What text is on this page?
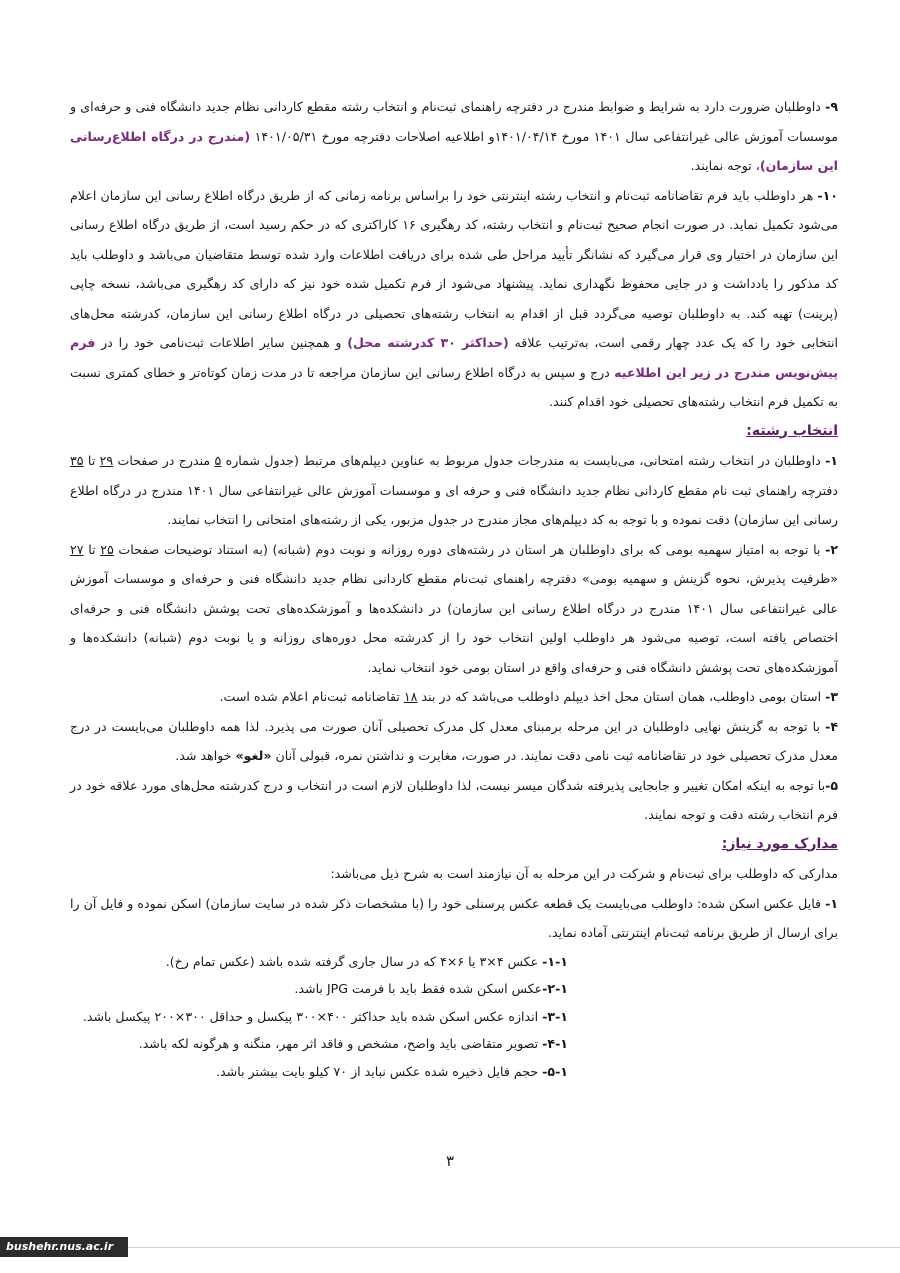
۹- داوطلبان ضرورت دارد به شرایط و ضوابط مندرج در دفترچه راهنمای ثبت‌نام و انتخاب رشته مقطع کاردانی نظام جدید دانشگاه فنی و حرفه‌ای و موسسات آموزش عالی غیرانتفاعی سال ۱۴۰۱ مورخ ۱۴۰۱/۰۴/۱۴و اطلاعیه اصلاحات دفترچه مورخ ۱۴۰۱/۰۵/۳۱ (مندرج در درگاه اطلاع‌رسانی این سازمان)، توجه نمایند.

۱۰- هر داوطلب باید فرم تقاضانامه ثبت‌نام و انتخاب رشته اینترنتی خود را براساس برنامه زمانی که از طریق درگاه اطلاع رسانی این سازمان اعلام می‌شود تکمیل نماید. در صورت انجام صحیح ثبت‌نام و انتخاب رشته، کد رهگیری ۱۶ کاراکتری که در حکم رسید است، از طریق درگاه اطلاع رسانی این سازمان در اختیار وی قرار می‌گیرد که نشانگر تأیید مراحل طی شده برای دریافت اطلاعات وارد شده توسط متقاضیان می‌باشد و داوطلب باید کد مذکور را یادداشت و در جایی محفوظ نگهداری نماید. پیشنهاد می‌شود از فرم تکمیل شده خود نیز که دارای کد رهگیری می‌باشد، نسخه چاپی (پرینت) تهیه کند. به داوطلبان توصیه می‌گردد قبل از اقدام به انتخاب رشته‌های تحصیلی در درگاه اطلاع رسانی این سازمان، کدرشته محل‌های انتخابی خود را که یک عدد چهار رقمی است، به‌ترتیب علاقه (حداکثر ۳۰ کدرشته محل) و همچنین سایر اطلاعات ثبت‌نامی خود را در فرم پیش‌نویس مندرج در زیر این اطلاعیه درج و سپس به درگاه اطلاع رسانی این سازمان مراجعه تا در مدت زمان کوتاه‌تر و خطای کمتری نسبت به تکمیل فرم انتخاب رشته‌های تحصیلی خود اقدام کنند.

انتخاب رشته:

۱- داوطلبان در انتخاب رشته امتحانی، می‌بایست به مندرجات جدول مربوط به عناوین دیپلم‌های مرتبط (جدول شماره ۵ مندرج در صفحات ۲۹ تا ۳۵ دفترچه راهنمای ثبت نام مقطع کاردانی نظام جدید دانشگاه فنی و حرفه ای و موسسات آموزش عالی غیرانتفاعی سال ۱۴۰۱ مندرج در درگاه اطلاع رسانی این سازمان) دقت نموده و با توجه به کد دیپلم‌های مجاز مندرج در جدول مزبور، یکی از رشته‌های امتحانی را انتخاب نمایند.

۲- با توجه به امتیاز سهمیه بومی که برای داوطلبان هر استان در رشته‌های دوره روزانه و نوبت دوم (شبانه) (به استناد توضیحات صفحات ۲۵ تا ۲۷ «ظرفیت پذیرش، نحوه گزینش و سهمیه بومی» دفترچه راهنمای ثبت‌نام مقطع کاردانی نظام جدید دانشگاه فنی و حرفه‌ای و موسسات آموزش عالی غیرانتفاعی سال ۱۴۰۱ مندرج در درگاه اطلاع رسانی این سازمان) در دانشکده‌ها و آموزشکده‌های تحت پوشش دانشگاه فنی و حرفه‌ای اختصاص یافته است، توصیه می‌شود هر داوطلب اولین انتخاب خود را از کدرشته محل دوره‌های روزانه و یا نوبت دوم (شبانه) دانشکده‌ها و آموزشکده‌های تحت پوشش دانشگاه فنی و حرفه‌ای واقع در استان بومی خود انتخاب نماید.

۳- استان بومی داوطلب، همان استان محل اخذ دیپلم داوطلب می‌باشد که در بند ۱۸ تقاضانامه ثبت‌نام اعلام شده است.

۴- با توجه به گزینش نهایی داوطلبان در این مرحله برمبنای معدل کل مدرک تحصیلی آنان صورت می پذیرد. لذا همه داوطلبان می‌بایست در درج معدل مدرک تحصیلی خود در تقاضانامه ثبت نامی دقت نمایند. در صورت، مغایرت و نداشتن نمره، قبولی آنان «لغو» خواهد شد.

۵-با توجه به اینکه امکان تغییر و جابجایی پذیرفته شدگان میسر نیست، لذا داوطلبان لازم است در انتخاب و درج کدرشته محل‌های مورد علاقه خود در فرم انتخاب رشته دقت و توجه نمایند.

مدارک مورد نیاز:

مدارکی که داوطلب برای ثبت‌نام و شرکت در این مرحله به آن نیازمند است به شرح ذیل می‌باشد:

۱- فایل عکس اسکن شده: داوطلب می‌بایست یک قطعه عکس پرسنلی خود را (با مشخصات ذکر شده در سایت سازمان) اسکن نموده و فایل آن را برای ارسال از طریق برنامه ثبت‌نام اینترنتی آماده نماید.

۱-۱- عکس ۴×۳ یا ۶×۴ که در سال جاری گرفته شده باشد (عکس تمام رخ).

۲-۱-عکس اسکن شده فقط باید با فرمت JPG باشد.

۳-۱- اندازه عکس اسکن شده باید حداکثر ۴۰۰×۳۰۰ پیکسل و حداقل ۳۰۰×۲۰۰ پیکسل باشد.

۴-۱- تصویر متقاضی باید واضح، مشخص و فاقد اثر مهر، منگنه و هرگونه لکه باشد.

۵-۱- حجم فایل ذخیره شده عکس نباید از ۷۰ کیلو بایت بیشتر باشد.

۳
bushehr.nus.ac.ir
